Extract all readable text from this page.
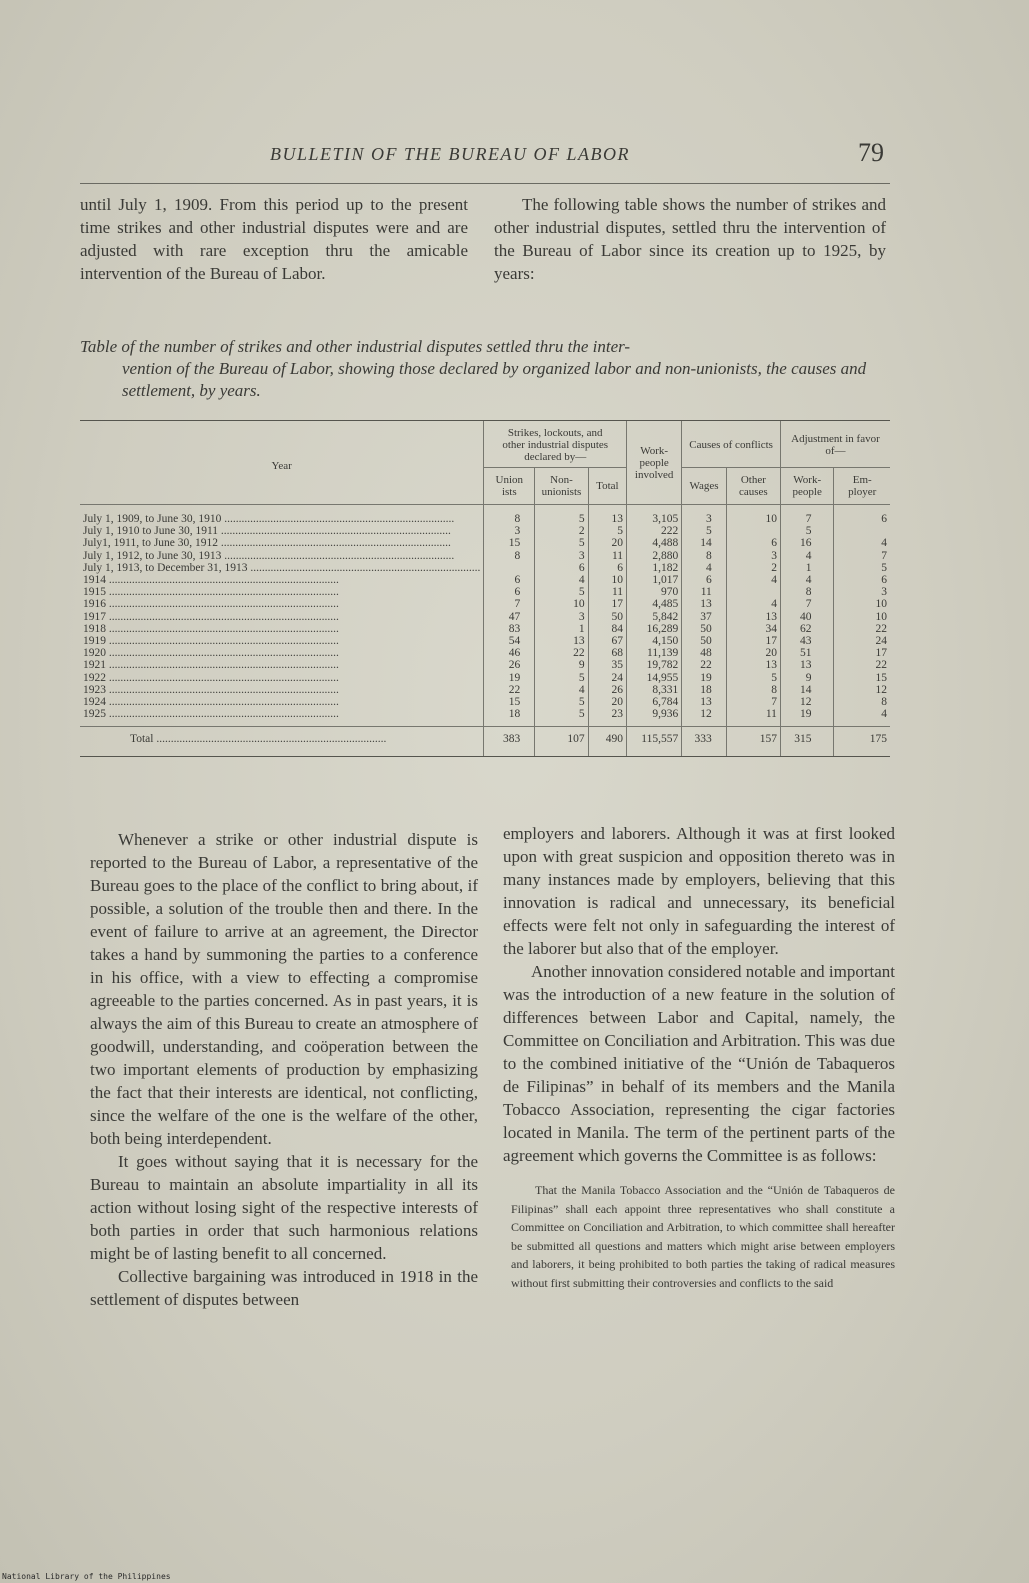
BULLETIN OF THE BUREAU OF LABOR	79

until July 1, 1909. From this period up to the present time strikes and other industrial disputes were and are adjusted with rare exception thru the amicable intervention of the Bureau of Labor.

The following table shows the number of strikes and other industrial disputes, settled thru the intervention of the Bureau of Labor since its creation up to 1925, by years:

Table of the number of strikes and other industrial disputes settled thru the inter-
vention of the Bureau of Labor, showing those declared by organized labor and non-unionists, the causes and settlement, by years.
Year	Strikes, lockouts, and other industrial disputes declared by—			Work-people involved	Causes of conflicts		Adjustment in favor of—	
	Union ists	Non-unionists	Total		Wages	Other causes	Work-people	Em-ployer
July 1, 1909, to June 30, 1910 ................................................................................	8	5	13	3,105	3	10	7	6
July 1, 1910 to June 30, 1911 ................................................................................	3	2	5	222	5		5	
July1, 1911, to June 30, 1912 ................................................................................	15	5	20	4,488	14	6	16	4
July 1, 1912, to June 30, 1913 ................................................................................	8	3	11	2,880	8	3	4	7
July 1, 1913, to December 31, 1913 ................................................................................		6	6	1,182	4	2	1	5
1914 ................................................................................	6	4	10	1,017	6	4	4	6
1915 ................................................................................	6	5	11	970	11		8	3
1916 ................................................................................	7	10	17	4,485	13	4	7	10
1917 ................................................................................	47	3	50	5,842	37	13	40	10
1918 ................................................................................	83	1	84	16,289	50	34	62	22
1919 ................................................................................	54	13	67	4,150	50	17	43	24
1920 ................................................................................	46	22	68	11,139	48	20	51	17
1921 ................................................................................	26	9	35	19,782	22	13	13	22
1922 ................................................................................	19	5	24	14,955	19	5	9	15
1923 ................................................................................	22	4	26	8,331	18	8	14	12
1924 ................................................................................	15	5	20	6,784	13	7	12	8
1925 ................................................................................	18	5	23	9,936	12	11	19	4
Total ................................................................................	383	107	490	115,557	333	157	315	175

Whenever a strike or other industrial dispute is reported to the Bureau of Labor, a representative of the Bureau goes to the place of the conflict to bring about, if possible, a solution of the trouble then and there. In the event of failure to arrive at an agreement, the Director takes a hand by summoning the parties to a conference in his office, with a view to effecting a compromise agreeable to the parties concerned. As in past years, it is always the aim of this Bureau to create an atmosphere of goodwill, understanding, and coöperation between the two important elements of production by emphasizing the fact that their interests are identical, not conflicting, since the welfare of the one is the welfare of the other, both being interdependent.

It goes without saying that it is necessary for the Bureau to maintain an absolute impartiality in all its action without losing sight of the respective interests of both parties in order that such harmonious relations might be of lasting benefit to all concerned.

Collective bargaining was introduced in 1918 in the settlement of disputes between

employers and laborers. Although it was at first looked upon with great suspicion and opposition thereto was in many instances made by employers, believing that this innovation is radical and unnecessary, its beneficial effects were felt not only in safeguarding the interest of the laborer but also that of the employer.

Another innovation considered notable and important was the introduction of a new feature in the solution of differences between Labor and Capital, namely, the Committee on Conciliation and Arbitration. This was due to the combined initiative of the “Unión de Tabaqueros de Filipinas” in behalf of its members and the Manila Tobacco Association, representing the cigar factories located in Manila. The term of the pertinent parts of the agreement which governs the Committee is as follows:

That the Manila Tobacco Association and the “Unión de Tabaqueros de Filipinas” shall each appoint three representatives who shall constitute a Committee on Conciliation and Arbitration, to which committee shall hereafter be submitted all questions and matters which might arise between employers and laborers, it being prohibited to both parties the taking of radical measures without first submitting their controversies and conflicts to the said

National Library of the Philippines
